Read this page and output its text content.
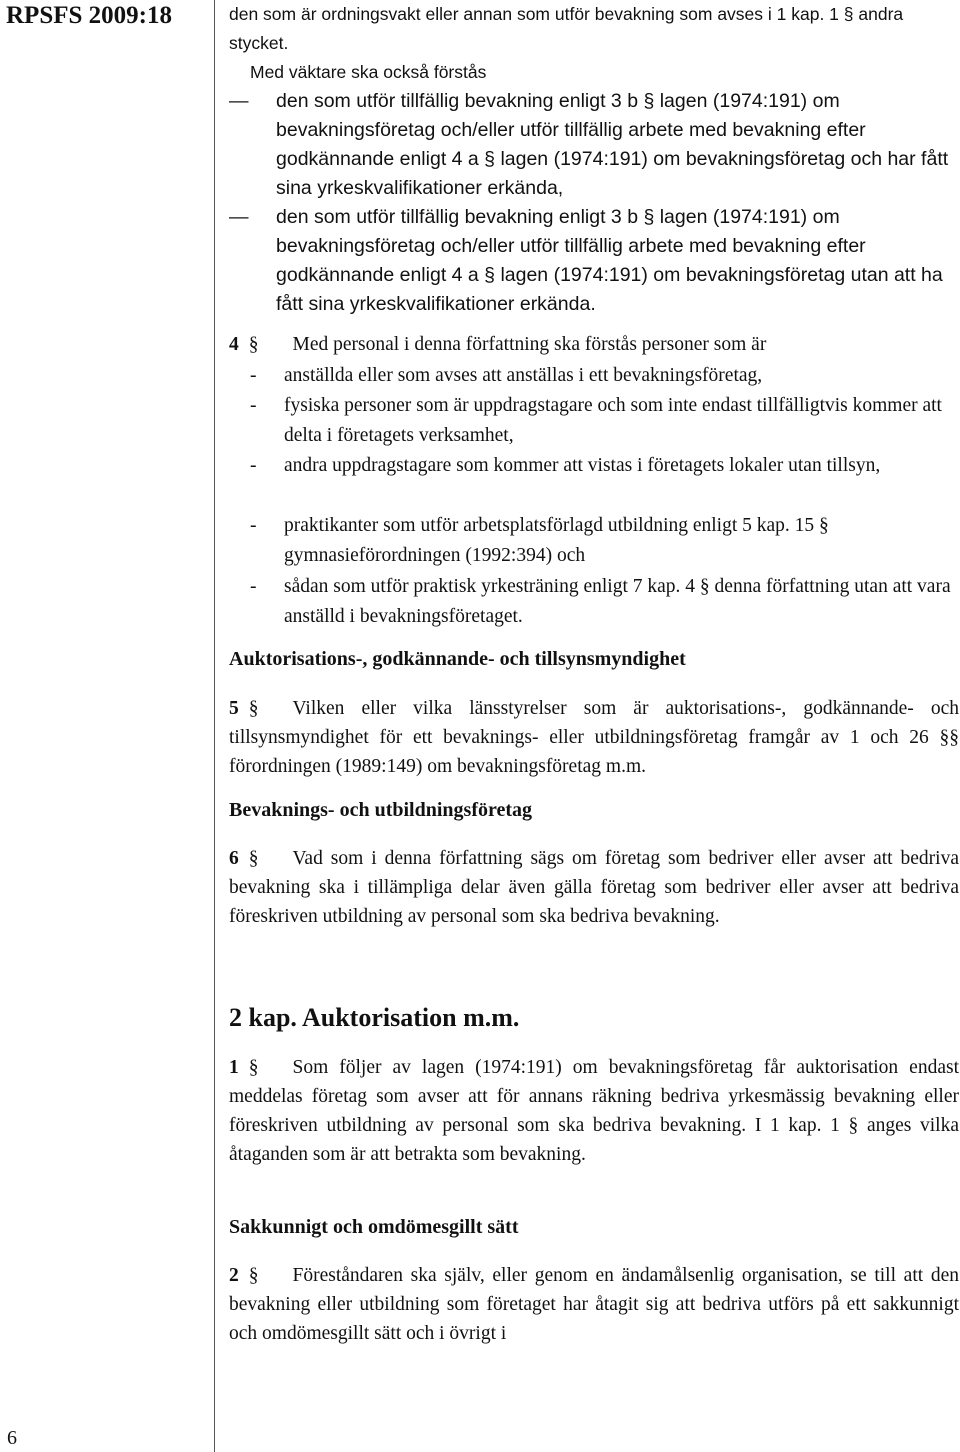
RPSFS 2009:18
6
den som är ordningsvakt eller annan som utför bevakning som avses i 1 kap. 1 § andra stycket.
Med väktare ska också förstås
— den som utför tillfällig bevakning enligt 3 b § lagen (1974:191) om bevakningsföretag och/eller utför tillfällig arbete med bevakning efter godkännande enligt 4 a § lagen (1974:191) om bevakningsföretag och har fått sina yrkeskvalifikationer erkända,
— den som utför tillfällig bevakning enligt 3 b § lagen (1974:191) om bevakningsföretag och/eller utför tillfällig arbete med bevakning efter godkännande enligt 4 a § lagen (1974:191) om bevakningsföretag utan att ha fått sina yrkeskvalifikationer erkända.
4 § Med personal i denna författning ska förstås personer som är
- anställda eller som avses att anställas i ett bevakningsföretag,
- fysiska personer som är uppdragstagare och som inte endast tillfälligtvis kommer att delta i företagets verksamhet,
- andra uppdragstagare som kommer att vistas i företagets lokaler utan tillsyn,
- praktikanter som utför arbetsplatsförlagd utbildning enligt 5 kap. 15 § gymnasieförordningen (1992:394) och
- sådan som utför praktisk yrkesträning enligt 7 kap. 4 § denna författning utan att vara anställd i bevakningsföretaget.
Auktorisations-, godkännande- och tillsynsmyndighet
5 § Vilken eller vilka länsstyrelser som är auktorisations-, godkännande- och tillsynsmyndighet för ett bevaknings- eller utbildningsföretag framgår av 1 och 26 §§ förordningen (1989:149) om bevakningsföretag m.m.
Bevaknings- och utbildningsföretag
6 § Vad som i denna författning sägs om företag som bedriver eller avser att bedriva bevakning ska i tillämpliga delar även gälla företag som bedriver eller avser att bedriva föreskriven utbildning av personal som ska bedriva bevakning.
2 kap. Auktorisation m.m.
1 § Som följer av lagen (1974:191) om bevakningsföretag får auktorisation endast meddelas företag som avser att för annans räkning bedriva yrkesmässig bevakning eller föreskriven utbildning av personal som ska bedriva bevakning. I 1 kap. 1 § anges vilka åtaganden som är att betrakta som bevakning.
Sakkunnigt och omdömesgillt sätt
2 § Föreståndaren ska själv, eller genom en ändamålsenlig organisation, se till att den bevakning eller utbildning som företaget har åtagit sig att bedriva utförs på ett sakkunnigt och omdömesgillt sätt och i övrigt i
